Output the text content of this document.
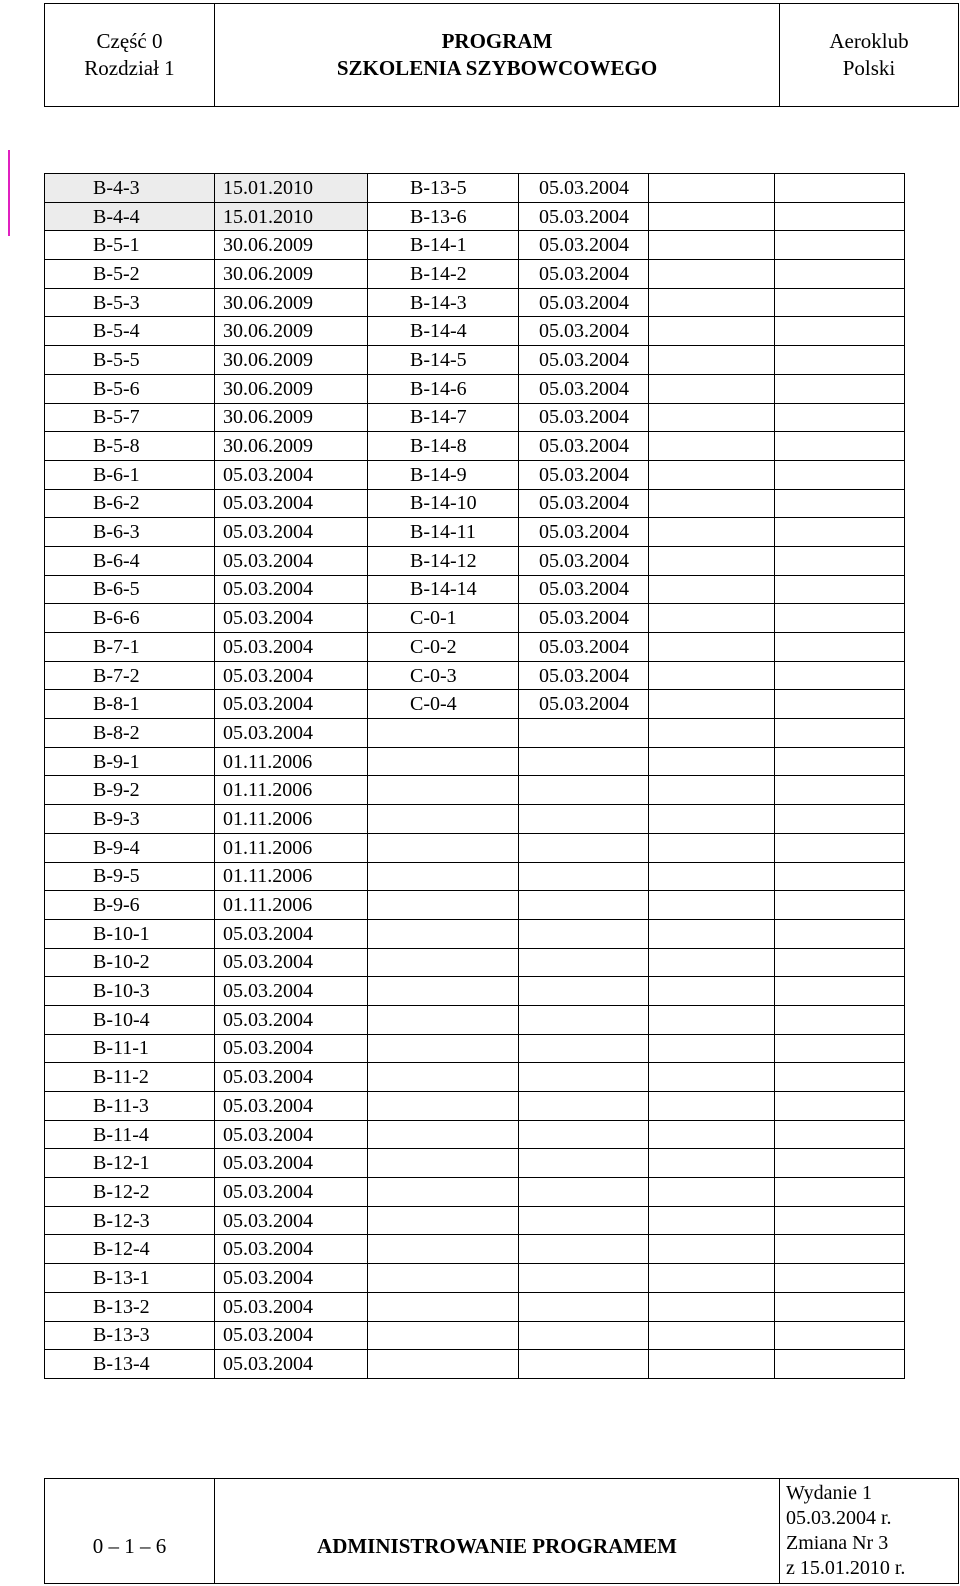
Część 0
Rozdział 1

PROGRAM
SZKOLENIA SZYBOWCOWEGO

Aeroklub
Polski
B-4-3	15.01.2010	B-13-5	05.03.2004		
B-4-4	15.01.2010	B-13-6	05.03.2004		
B-5-1	30.06.2009	B-14-1	05.03.2004		
B-5-2	30.06.2009	B-14-2	05.03.2004		
B-5-3	30.06.2009	B-14-3	05.03.2004		
B-5-4	30.06.2009	B-14-4	05.03.2004		
B-5-5	30.06.2009	B-14-5	05.03.2004		
B-5-6	30.06.2009	B-14-6	05.03.2004		
B-5-7	30.06.2009	B-14-7	05.03.2004		
B-5-8	30.06.2009	B-14-8	05.03.2004		
B-6-1	05.03.2004	B-14-9	05.03.2004		
B-6-2	05.03.2004	B-14-10	05.03.2004		
B-6-3	05.03.2004	B-14-11	05.03.2004		
B-6-4	05.03.2004	B-14-12	05.03.2004		
B-6-5	05.03.2004	B-14-14	05.03.2004		
B-6-6	05.03.2004	C-0-1	05.03.2004		
B-7-1	05.03.2004	C-0-2	05.03.2004		
B-7-2	05.03.2004	C-0-3	05.03.2004		
B-8-1	05.03.2004	C-0-4	05.03.2004		
B-8-2	05.03.2004				
B-9-1	01.11.2006				
B-9-2	01.11.2006				
B-9-3	01.11.2006				
B-9-4	01.11.2006				
B-9-5	01.11.2006				
B-9-6	01.11.2006				
B-10-1	05.03.2004				
B-10-2	05.03.2004				
B-10-3	05.03.2004				
B-10-4	05.03.2004				
B-11-1	05.03.2004				
B-11-2	05.03.2004				
B-11-3	05.03.2004				
B-11-4	05.03.2004				
B-12-1	05.03.2004				
B-12-2	05.03.2004				
B-12-3	05.03.2004				
B-12-4	05.03.2004				
B-13-1	05.03.2004				
B-13-2	05.03.2004				
B-13-3	05.03.2004				
B-13-4	05.03.2004				
0 – 1 – 6	ADMINISTROWANIE PROGRAMEM	
Wydanie 1
05.03.2004 r.
Zmiana Nr 3
z 15.01.2010 r.
